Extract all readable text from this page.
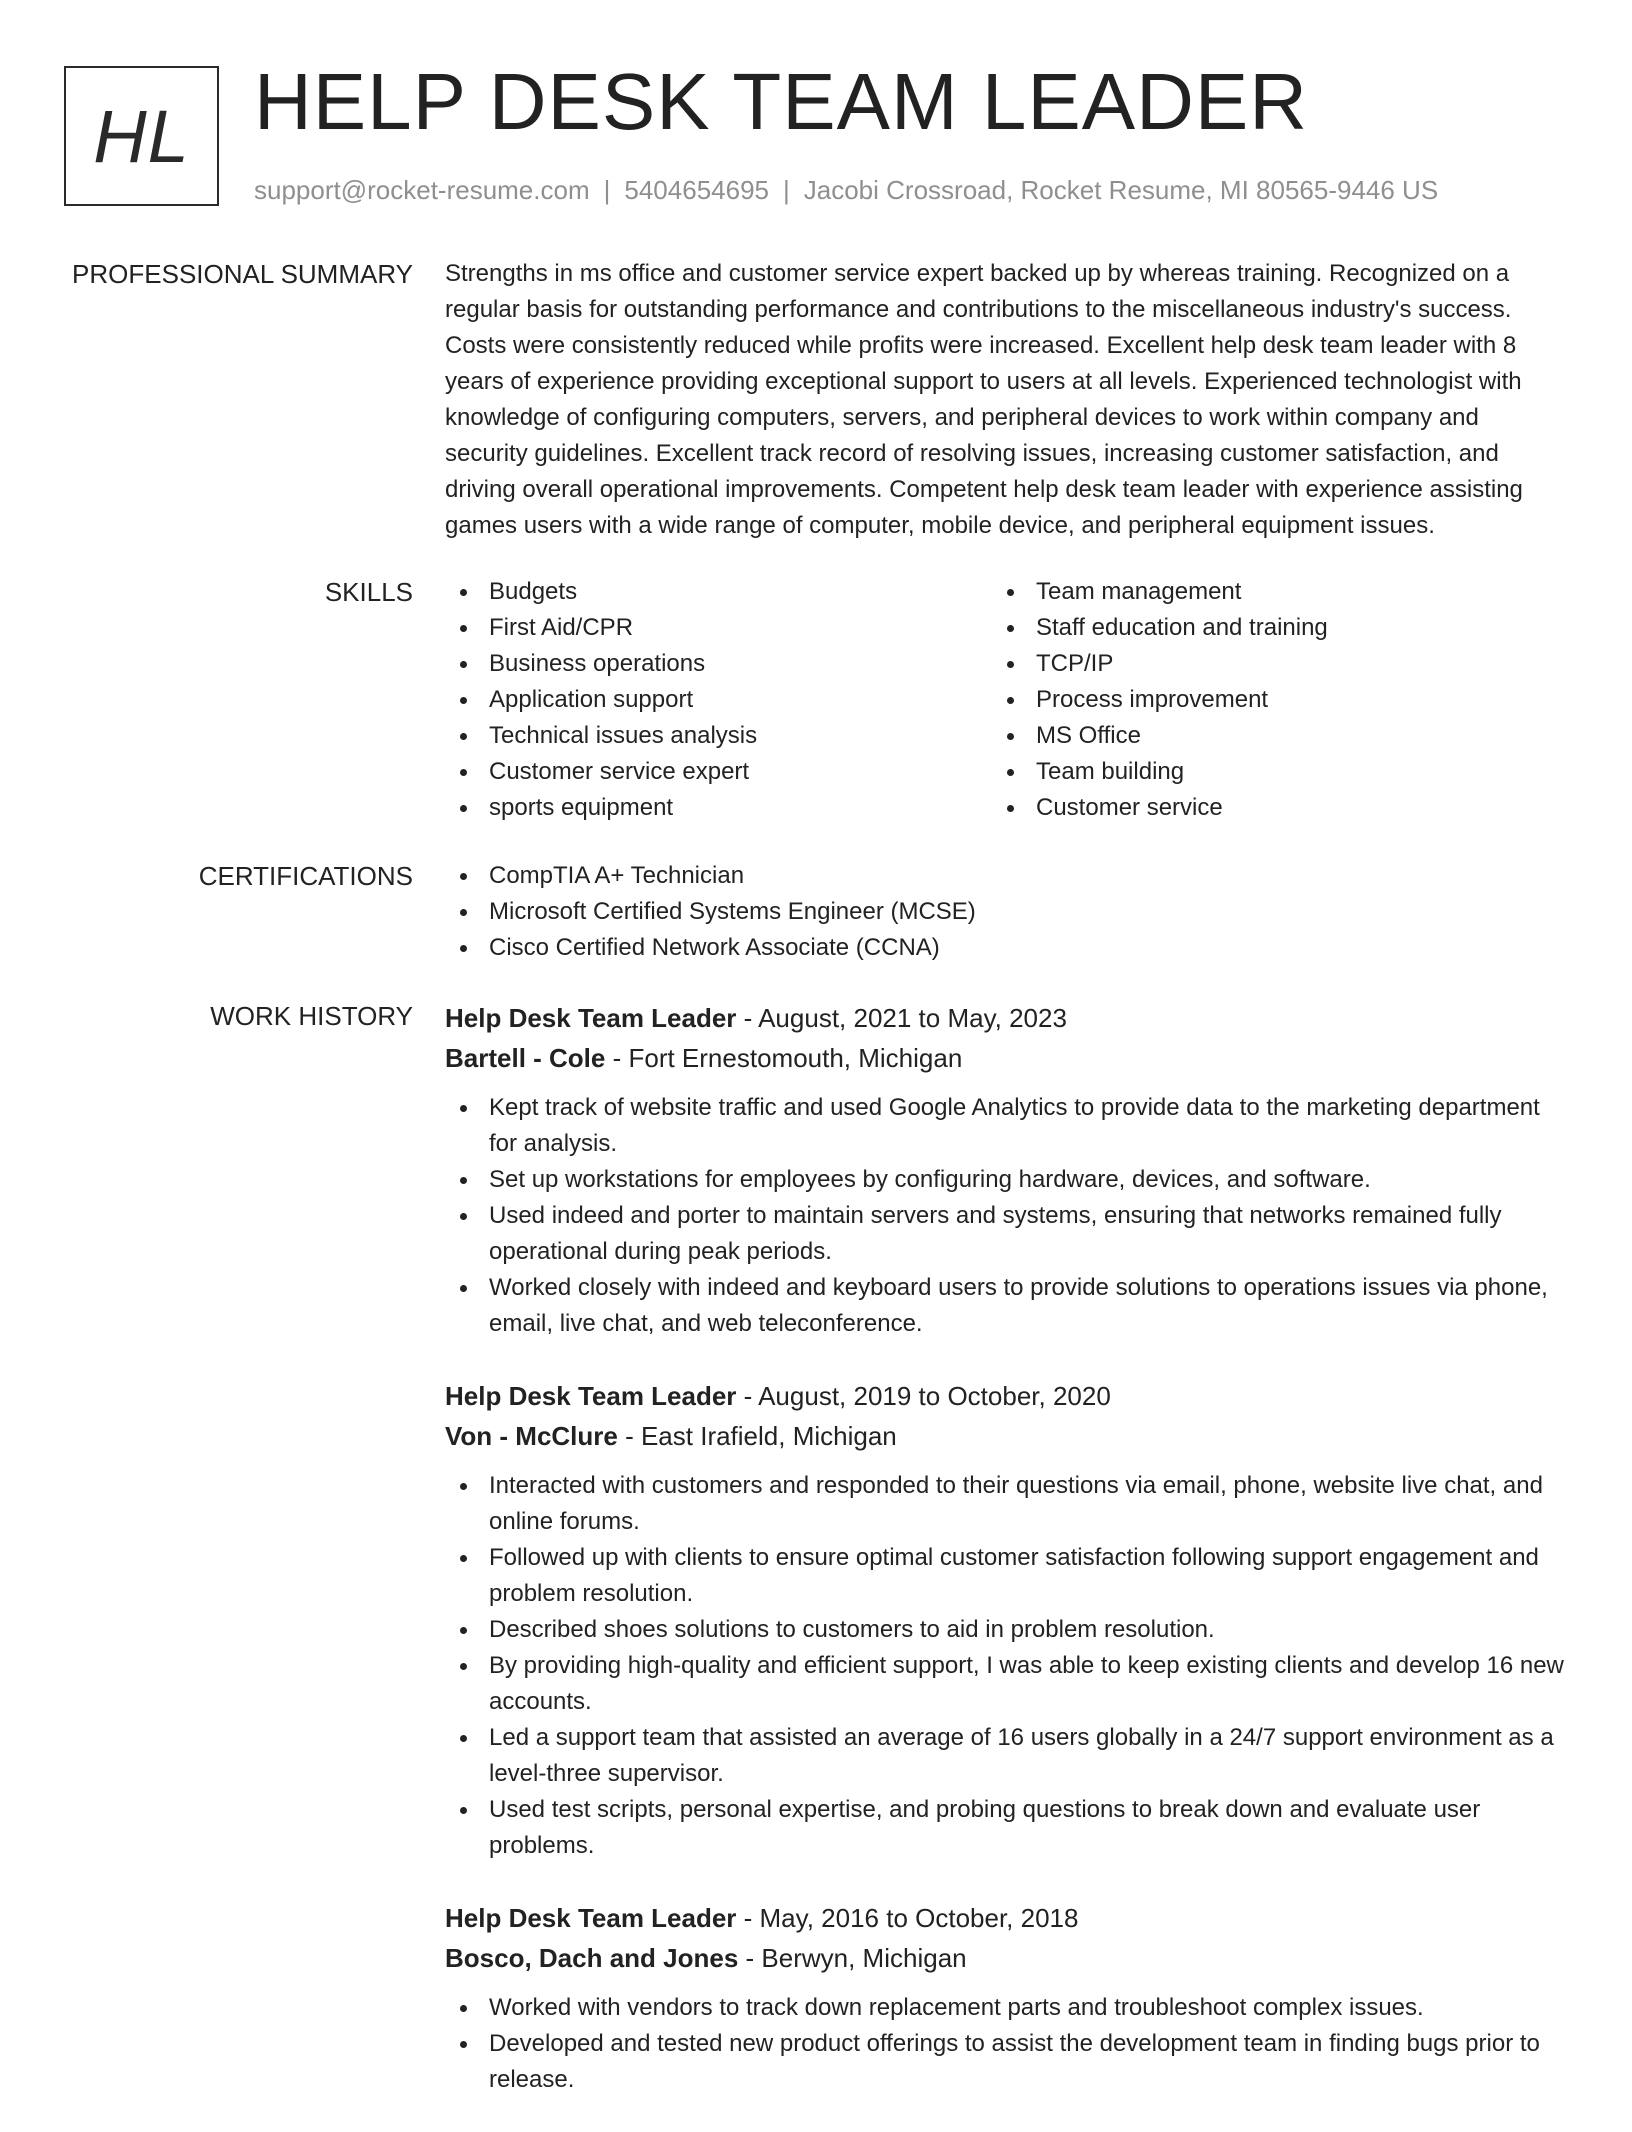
HL HELP DESK TEAM LEADER
support@rocket-resume.com | 5404654695 | Jacobi Crossroad, Rocket Resume, MI 80565-9446 US
PROFESSIONAL SUMMARY Strengths in ms office and customer service expert backed up by whereas training. Recognized on a regular basis for outstanding performance and contributions to the miscellaneous industry's success. Costs were consistently reduced while profits were increased. Excellent help desk team leader with 8 years of experience providing exceptional support to users at all levels. Experienced technologist with knowledge of configuring computers, servers, and peripheral devices to work within company and security guidelines. Excellent track record of resolving issues, increasing customer satisfaction, and driving overall operational improvements. Competent help desk team leader with experience assisting games users with a wide range of computer, mobile device, and peripheral equipment issues.

SKILLS	Budgets
First Aid/CPR
Business operations
Application support
Technical issues analysis
Customer service expert
sports equipment
Team management
Staff education and training
TCP/IP
Process improvement
MS Office
Team building
Customer service
CERTIFICATIONS	CompTIA A+ Technician
Microsoft Certified Systems Engineer (MCSE)
Cisco Certified Network Associate (CCNA)
WORK HISTORY Help Desk Team Leader - August, 2021 to May, 2023
Bartell - Cole - Fort Ernestomouth, Michigan
Kept track of website traffic and used Google Analytics to provide data to the marketing department for analysis.
Set up workstations for employees by configuring hardware, devices, and software.
Used indeed and porter to maintain servers and systems, ensuring that networks remained fully operational during peak periods.
Worked closely with indeed and keyboard users to provide solutions to operations issues via phone, email, live chat, and web teleconference.
Help Desk Team Leader - August, 2019 to October, 2020
Von - McClure - East Irafield, Michigan
Interacted with customers and responded to their questions via email, phone, website live chat, and online forums.
Followed up with clients to ensure optimal customer satisfaction following support engagement and problem resolution.
Described shoes solutions to customers to aid in problem resolution.
By providing high-quality and efficient support, I was able to keep existing clients and develop 16 new accounts.
Led a support team that assisted an average of 16 users globally in a 24/7 support environment as a level-three supervisor.
Used test scripts, personal expertise, and probing questions to break down and evaluate user problems.
Help Desk Team Leader - May, 2016 to October, 2018
Bosco, Dach and Jones - Berwyn, Michigan
Worked with vendors to track down replacement parts and troubleshoot complex issues.
Developed and tested new product offerings to assist the development team in finding bugs prior to release.
